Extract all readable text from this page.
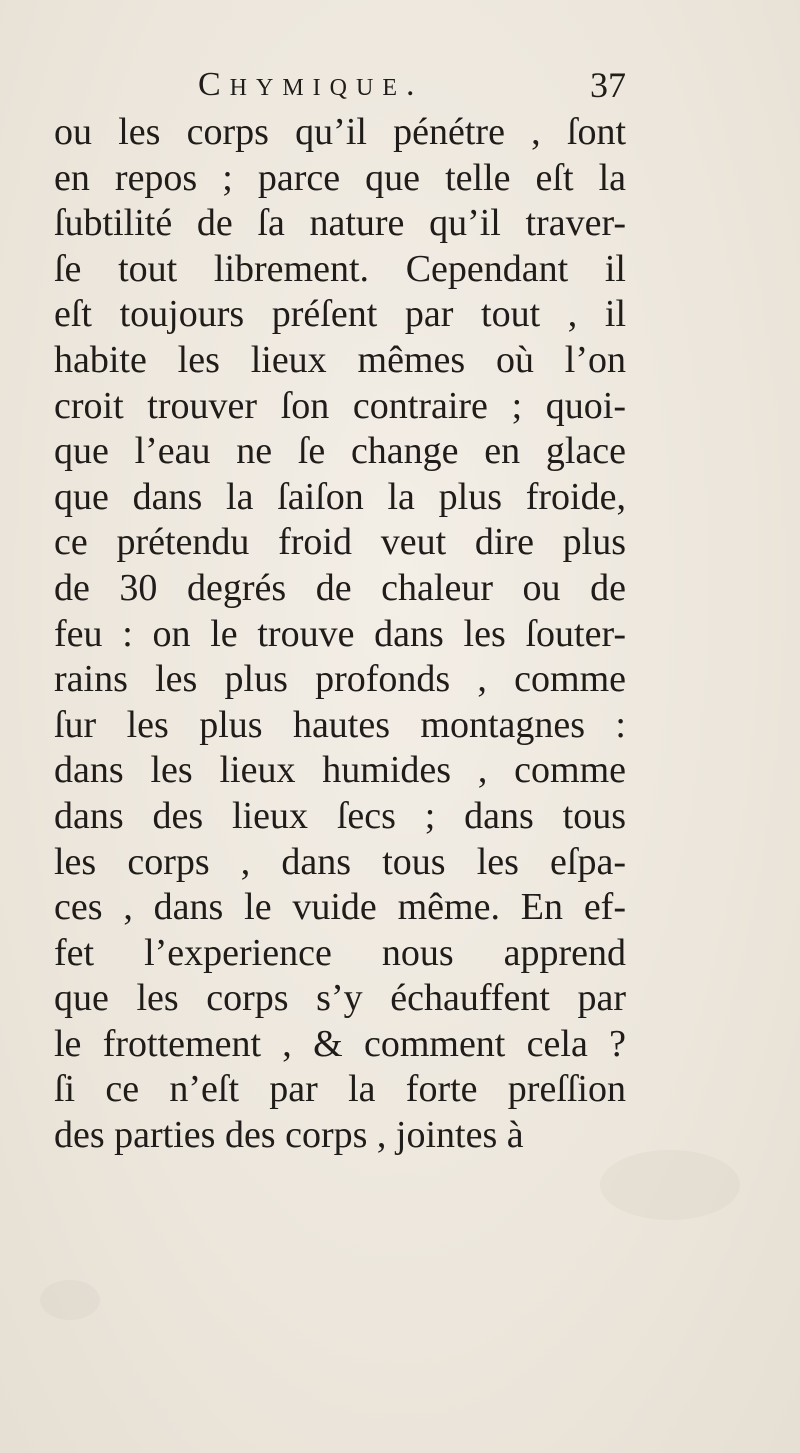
Chymique.	37
ou les corps qu’il pénétre , ſont
en repos ; parce que telle eſt la
ſubtilité de ſa nature qu’il traver-
ſe tout librement. Cependant il
eſt toujours préſent par tout , il
habite les lieux mêmes où l’on
croit trouver ſon contraire ; quoi-
que l’eau ne ſe change en glace
que dans la ſaiſon la plus froide,
ce prétendu froid veut dire plus
de 30 degrés de chaleur ou de
feu : on le trouve dans les ſouter-
rains les plus profonds , comme
ſur les plus hautes montagnes :
dans les lieux humides , comme
dans des lieux ſecs ; dans tous
les corps , dans tous les eſpa-
ces , dans le vuide même. En ef-
fet l’experience nous apprend
que les corps s’y échauffent par
le frottement , & comment cela ?
ſi ce n’eſt par la forte preſſion
des parties des corps , jointes à
